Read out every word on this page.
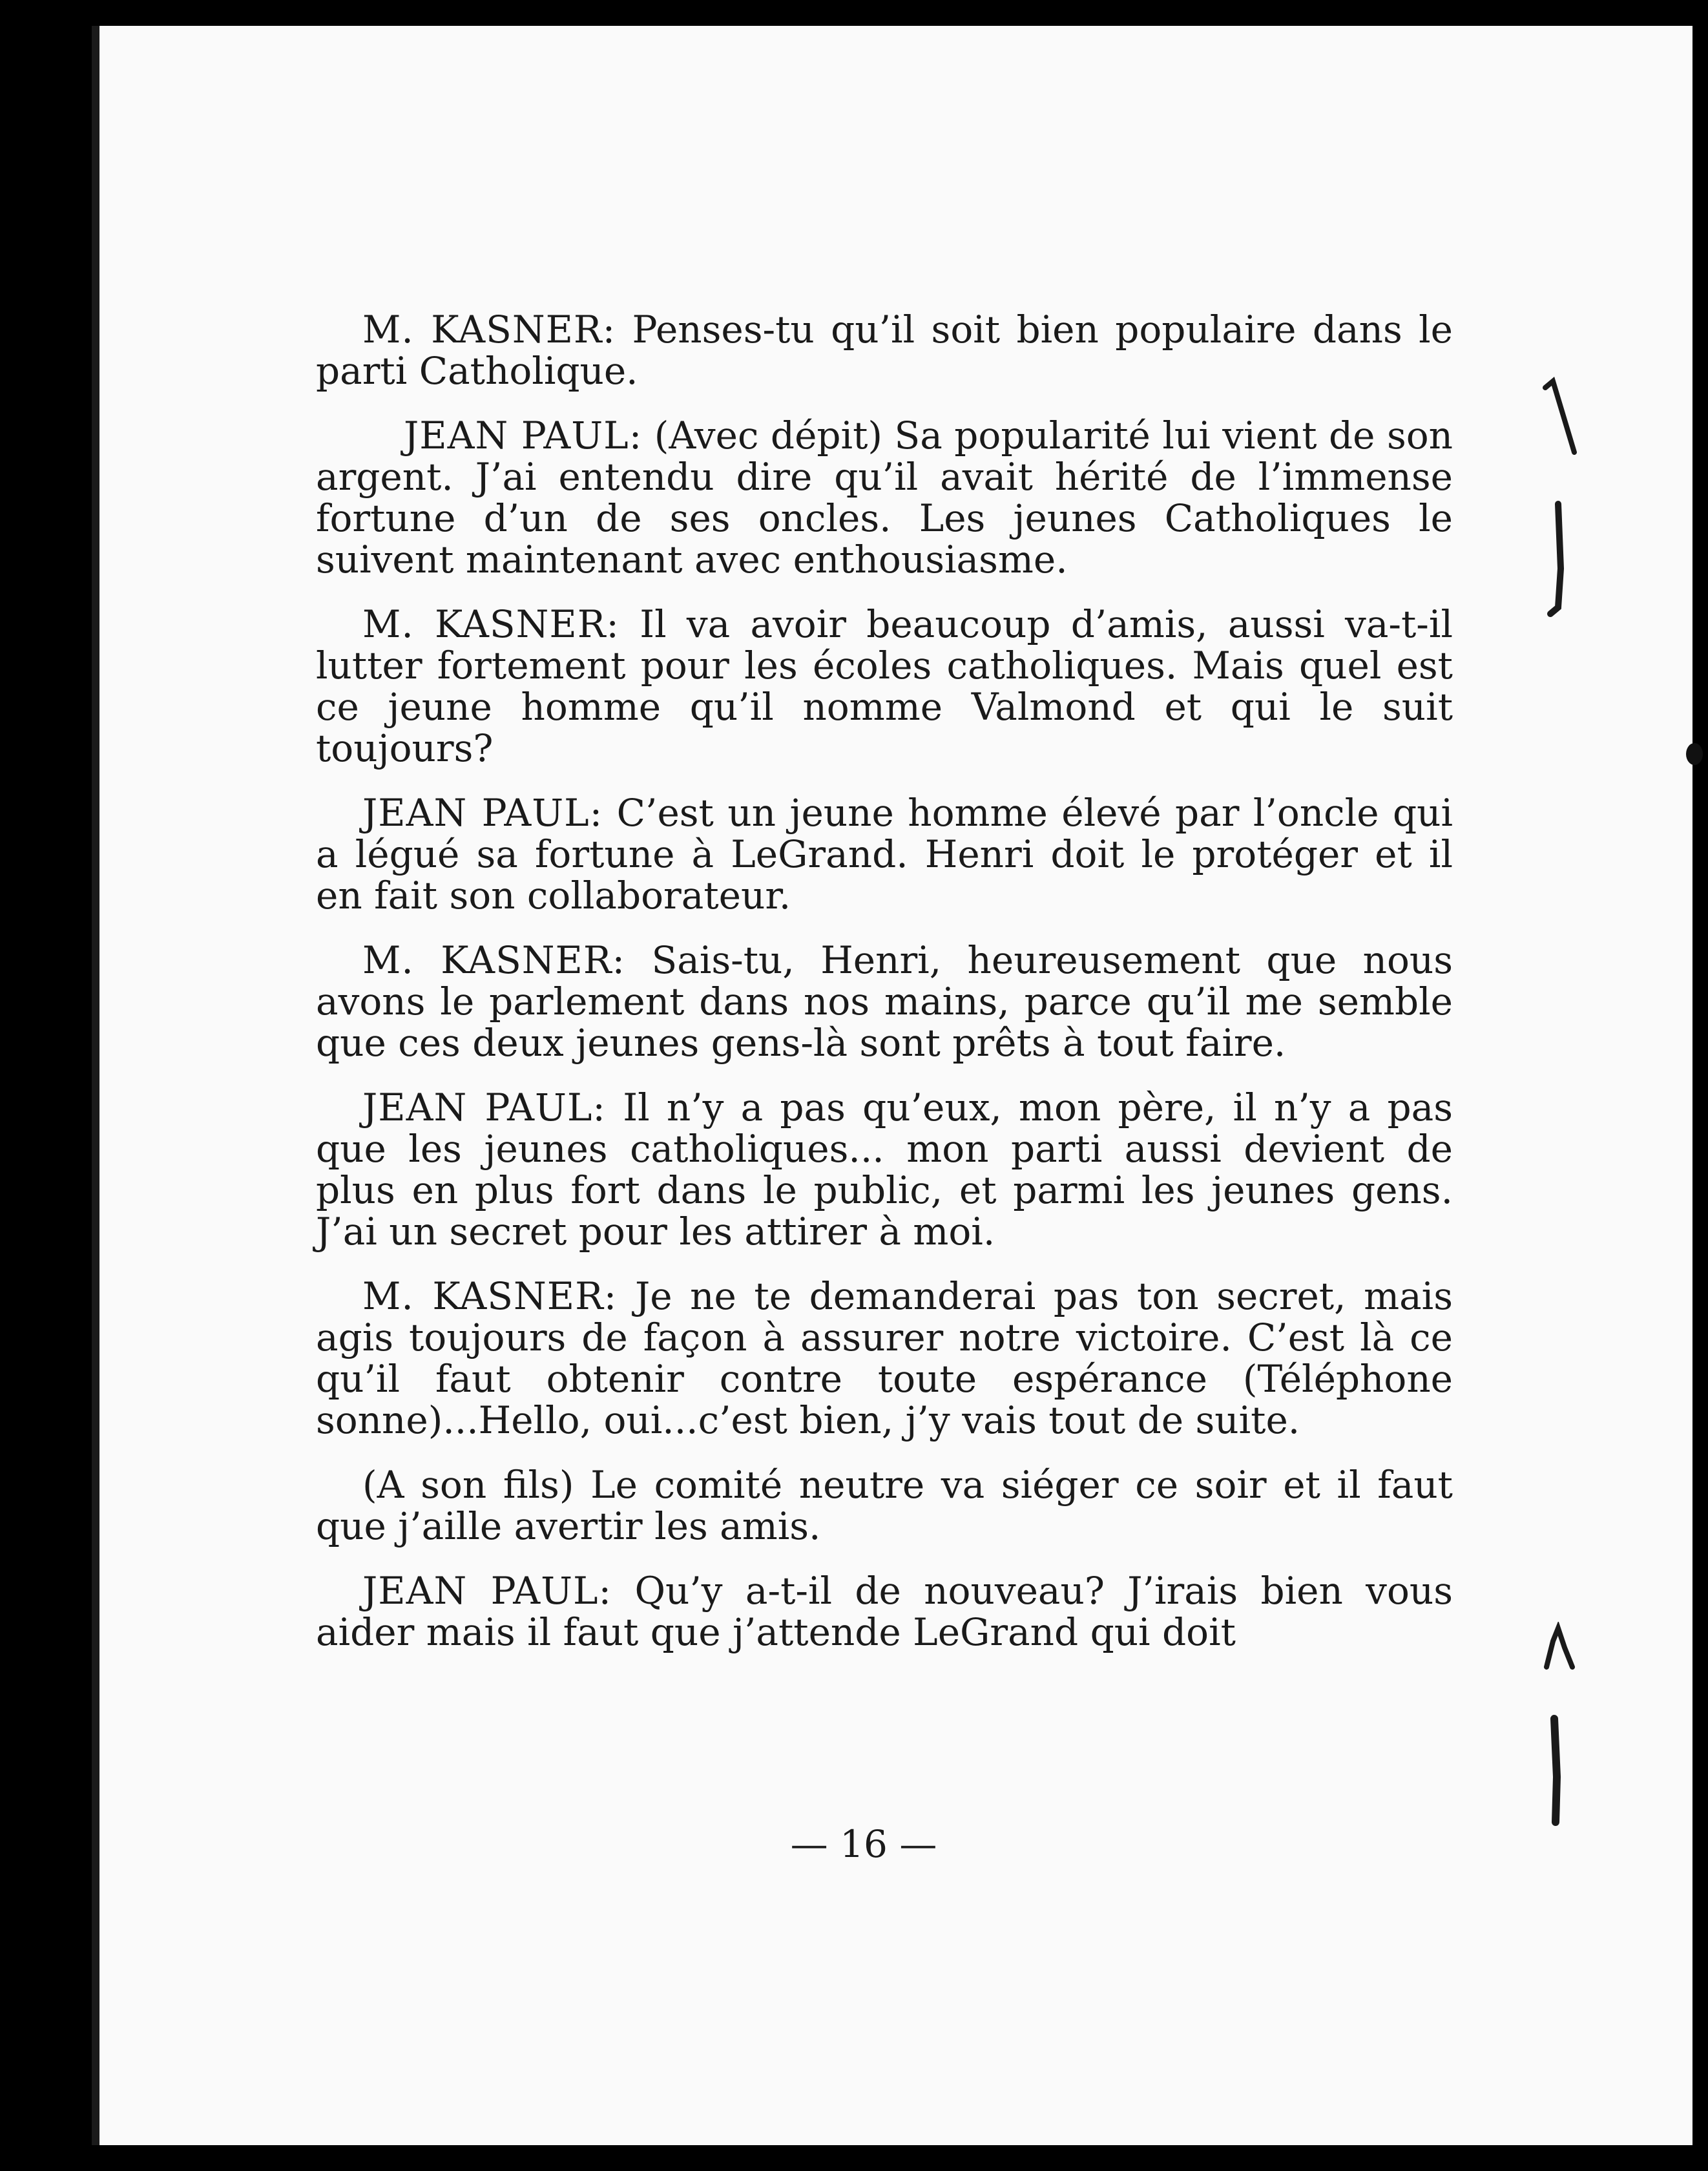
M. KASNER: Penses-tu qu’il soit bien populaire dans le parti Catholique.

JEAN PAUL: (Avec dépit) Sa popularité lui vient de son argent. J’ai entendu dire qu’il avait hérité de l’immense fortune d’un de ses oncles. Les jeunes Catholiques le suivent maintenant avec enthousiasme.

M. KASNER: Il va avoir beaucoup d’amis, aussi va-t-il lutter fortement pour les écoles catholiques. Mais quel est ce jeune homme qu’il nomme Valmond et qui le suit toujours?

JEAN PAUL: C’est un jeune homme élevé par l’oncle qui a légué sa fortune à LeGrand. Henri doit le protéger et il en fait son collaborateur.

M. KASNER: Sais-tu, Henri, heureusement que nous avons le parlement dans nos mains, parce qu’il me semble que ces deux jeunes gens-là sont prêts à tout faire.

JEAN PAUL: Il n’y a pas qu’eux, mon père, il n’y a pas que les jeunes catholiques... mon parti aussi devient de plus en plus fort dans le public, et parmi les jeunes gens. J’ai un secret pour les attirer à moi.

M. KASNER: Je ne te demanderai pas ton secret, mais agis toujours de façon à assurer notre victoire. C’est là ce qu’il faut obtenir contre toute espérance (Téléphone sonne)...Hello, oui...c’est bien, j’y vais tout de suite.

(A son fils) Le comité neutre va siéger ce soir et il faut que j’aille avertir les amis.

JEAN PAUL: Qu’y a-t-il de nouveau? J’irais bien vous aider mais il faut que j’attende LeGrand qui doit

— 16 —
